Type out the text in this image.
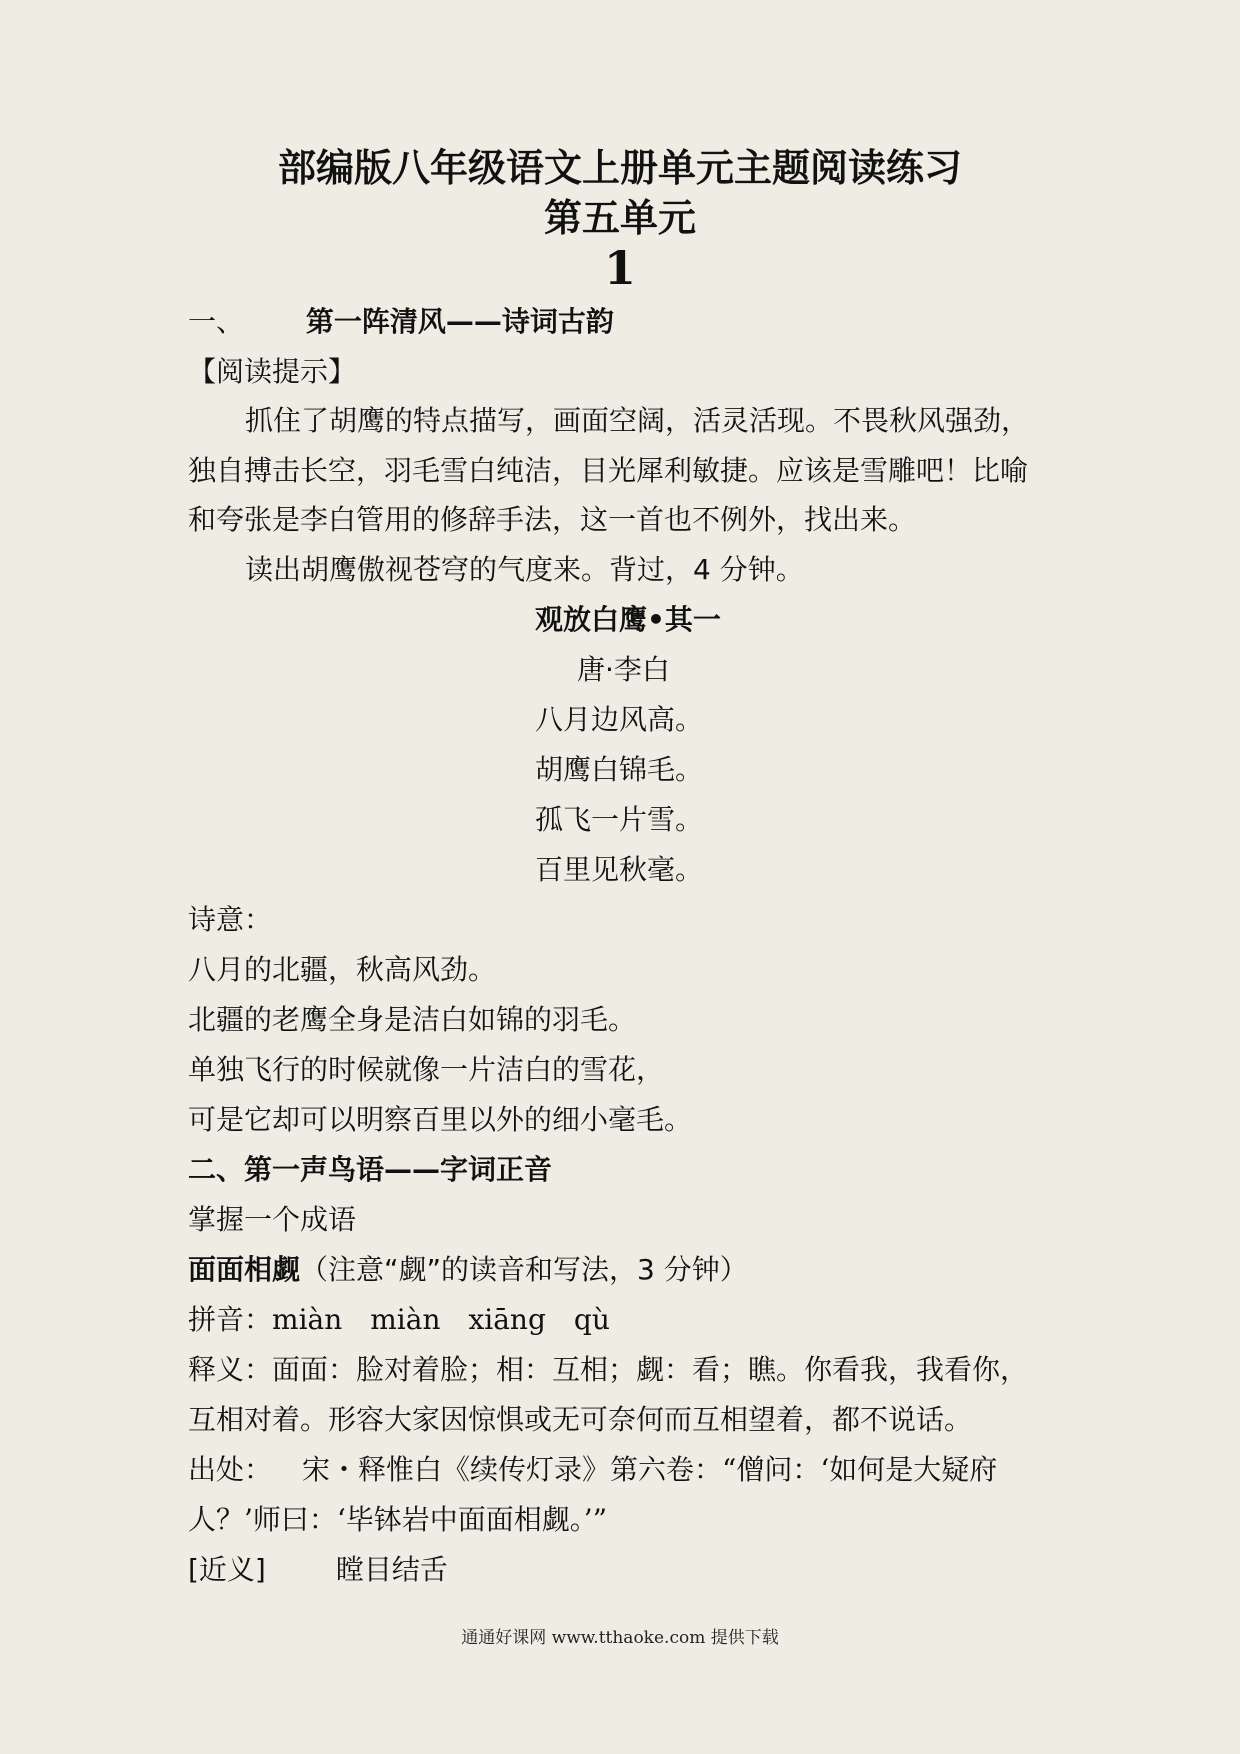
部编版八年级语文上册单元主题阅读练习
第五单元
1
一、 第一阵清风——诗词古韵
【阅读提示】
抓住了胡鹰的特点描写，画面空阔，活灵活现。不畏秋风强劲，
独自搏击长空，羽毛雪白纯洁，目光犀利敏捷。应该是雪雕吧！比喻
和夸张是李白管用的修辞手法，这一首也不例外，找出来。
读出胡鹰傲视苍穹的气度来。背过，4 分钟。
观放白鹰•其一
唐·李白
八月边风高。
胡鹰白锦毛。
孤飞一片雪。
百里见秋毫。
诗意：
八月的北疆，秋高风劲。
北疆的老鹰全身是洁白如锦的羽毛。
单独飞行的时候就像一片洁白的雪花，
可是它却可以明察百里以外的细小毫毛。
二、第一声鸟语——字词正音
掌握一个成语
面面相觑（注意“觑”的读音和写法，3 分钟）
拼音：miàn miàn xiāng qù
释义：面面：脸对着脸；相：互相；觑：看；瞧。你看我，我看你，
互相对着。形容大家因惊惧或无可奈何而互相望着，都不说话。
出处： 宋・释惟白《续传灯录》第六卷：“僧问：‘如何是大疑府
人？’师曰：‘毕钵岩中面面相觑。’”
[近义]	瞠目结舌
通通好课网 www.tthaoke.com 提供下载
